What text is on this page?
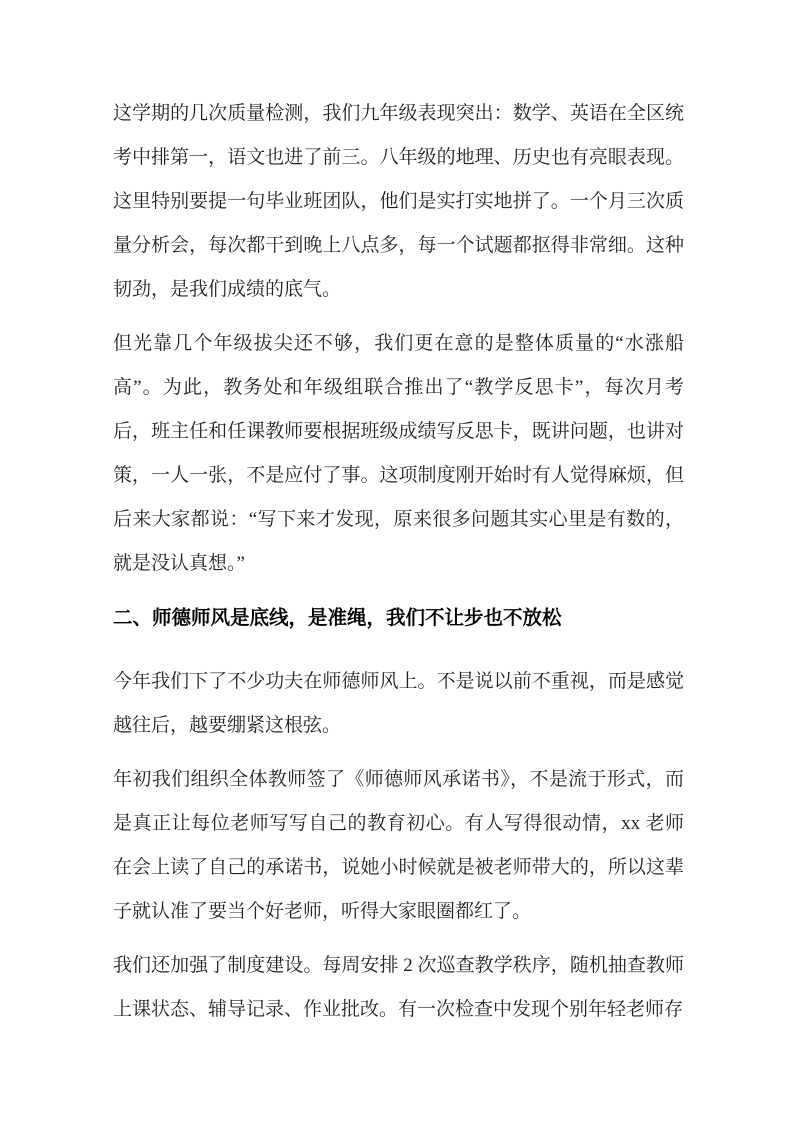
这学期的几次质量检测，我们九年级表现突出：数学、英语在全区统考中排第一，语文也进了前三。八年级的地理、历史也有亮眼表现。这里特别要提一句毕业班团队，他们是实打实地拼了。一个月三次质量分析会，每次都干到晚上八点多，每一个试题都抠得非常细。这种韧劲，是我们成绩的底气。

但光靠几个年级拔尖还不够，我们更在意的是整体质量的“水涨船高”。为此，教务处和年级组联合推出了“教学反思卡”，每次月考后，班主任和任课教师要根据班级成绩写反思卡，既讲问题，也讲对策，一人一张，不是应付了事。这项制度刚开始时有人觉得麻烦，但后来大家都说：“写下来才发现，原来很多问题其实心里是有数的，就是没认真想。”

二、师德师风是底线，是准绳，我们不让步也不放松

今年我们下了不少功夫在师德师风上。不是说以前不重视，而是感觉越往后，越要绷紧这根弦。

年初我们组织全体教师签了《师德师风承诺书》，不是流于形式，而是真正让每位老师写写自己的教育初心。有人写得很动情，xx 老师在会上读了自己的承诺书，说她小时候就是被老师带大的，所以这辈子就认准了要当个好老师，听得大家眼圈都红了。

我们还加强了制度建设。每周安排 2 次巡查教学秩序，随机抽查教师上课状态、辅导记录、作业批改。有一次检查中发现个别年轻老师存
